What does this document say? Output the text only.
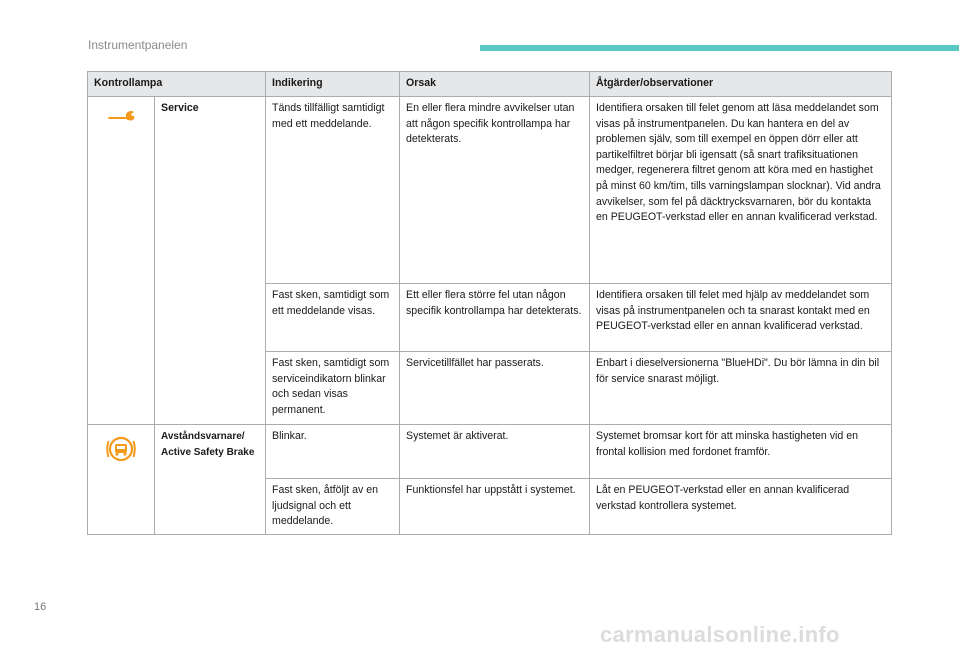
Instrumentpanelen
Kontrollampa		Indikering	Orsak	Åtgärder/observationer

	Service	Tänds tillfälligt samtidigt med ett meddelande.	En eller flera mindre avvikelser utan att någon specifik kontrollampa har detekterats.	Identifiera orsaken till felet genom att läsa meddelandet som visas på instrumentpanelen. Du kan hantera en del av problemen själv, som till exempel en öppen dörr eller att partikelfiltret börjar bli igensatt (så snart trafiksituationen medger, regenerera filtret genom att köra med en hastighet på minst 60 km/tim, tills varningslampan slocknar). Vid andra avvikelser, som fel på däcktrycksvarnaren, bör du kontakta en PEUGEOT-verkstad eller en annan kvalificerad verkstad.
		Fast sken, samtidigt som ett meddelande visas.	Ett eller flera större fel utan någon specifik kontrollampa har detekterats.	Identifiera orsaken till felet med hjälp av meddelandet som visas på instrumentpanelen och ta snarast kontakt med en PEUGEOT-verkstad eller en annan kvalificerad verkstad.
		Fast sken, samtidigt som serviceindikatorn blinkar och sedan visas permanent.	Servicetillfället har passerats.	Enbart i dieselversionerna "BlueHDi". Du bör lämna in din bil för service snarast möjligt.

	Avståndsvarnare/ Active Safety Brake	Blinkar.	Systemet är aktiverat.	Systemet bromsar kort för att minska hastigheten vid en frontal kollision med fordonet framför.
		Fast sken, åtföljt av en ljudsignal och ett meddelande.	Funktionsfel har uppstått i systemet.	Låt en PEUGEOT-verkstad eller en annan kvalificerad verkstad kontrollera systemet.
16
carmanualsonline.info
